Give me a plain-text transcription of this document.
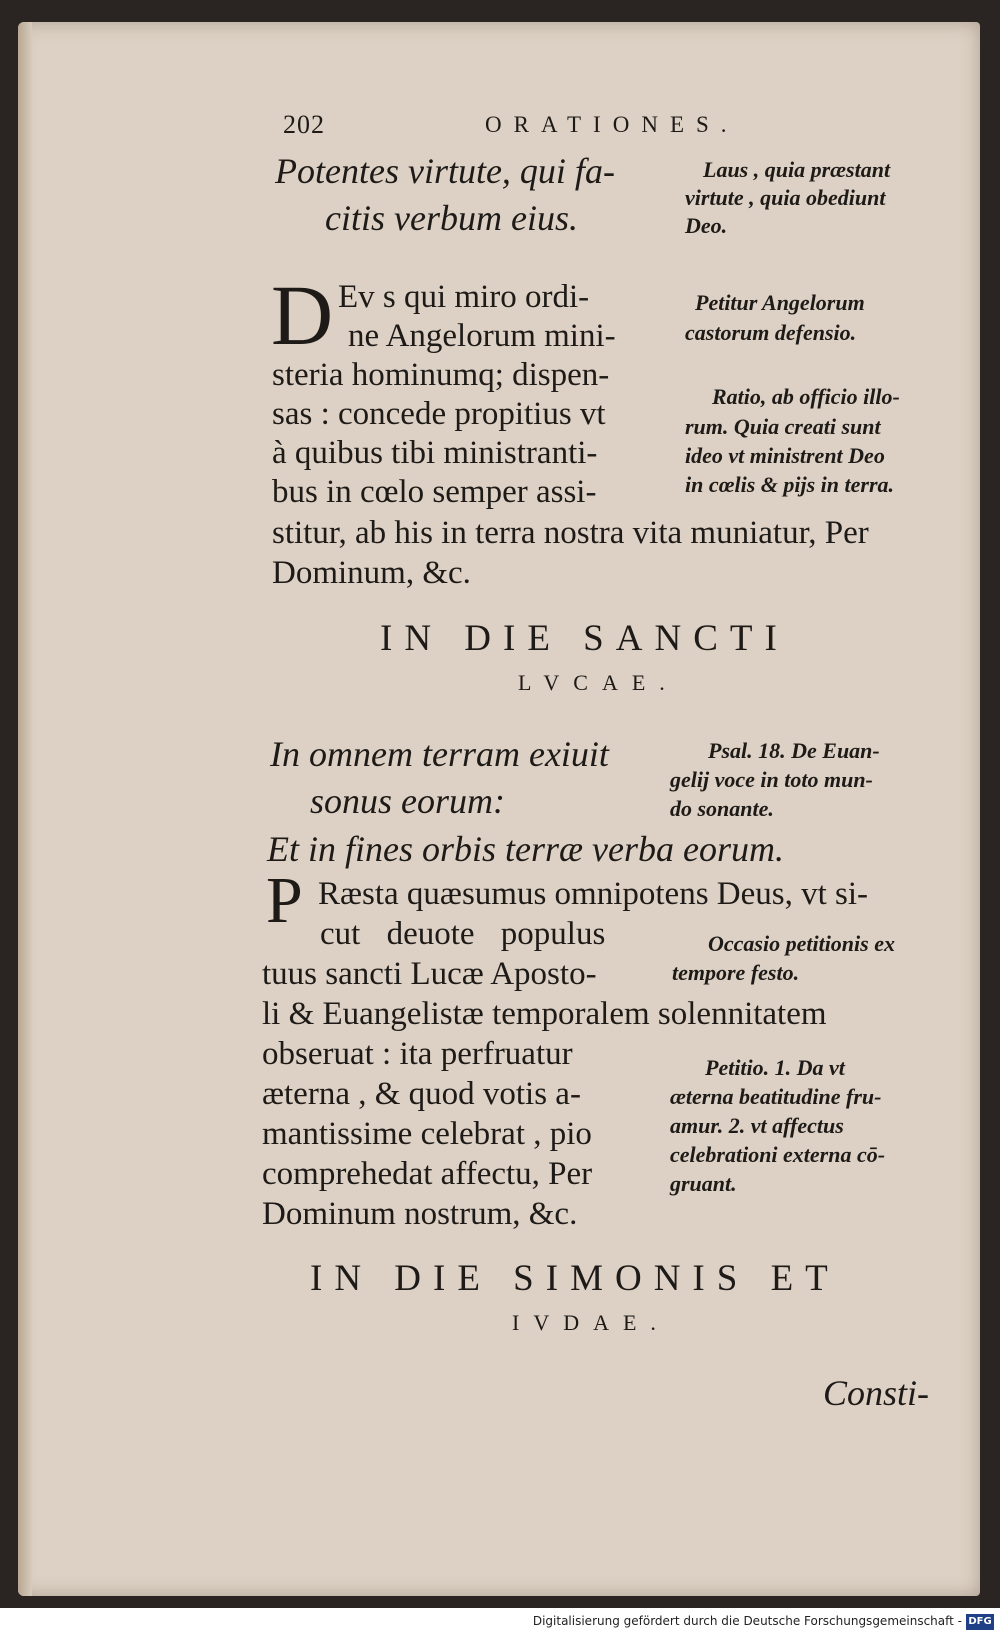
202	ORATIONES.
Potentes virtute, qui fa-
citis verbum eius.
Laus , quia præstant
virtute , quia obediunt
Deo.
D Ev s qui miro ordi-
ne Angelorum mini-
steria hominumq; dispen-
sas : concede propitius vt
à quibus tibi ministranti-
bus in cœlo semper assi-
stitur, ab his in terra nostra vita muniatur, Per
Dominum, &c.
Petitur Angelorum
castorum defensio.
Ratio, ab officio illo-
rum. Quia creati sunt
ideo vt ministrent Deo
in cœlis & pijs in terra.
IN DIE SANCTI
LVCAE.
In omnem terram exiuit
sonus eorum:
Et in fines orbis terræ verba eorum.
Psal. 18. De Euan-
gelij voce in toto mun-
do sonante.
P Ræsta quæsumus omnipotens Deus, vt si-
cut deuote populus
tuus sancti Lucæ Aposto-
li & Euangelistæ temporalem solennitatem
obseruat : ita perfruatur
æterna , & quod votis a-
mantissime celebrat , pio
comprehedat affectu, Per
Dominum nostrum, &c.
Occasio petitionis ex
tempore festo.
Petitio. 1. Da vt
æterna beatitudine fru-
amur. 2. vt affectus
celebrationi externa cō-
gruant.
IN DIE SIMONIS ET
IVDAE.
Consti-
Digitalisierung gefördert durch die Deutsche Forschungsgemeinschaft - DFG
